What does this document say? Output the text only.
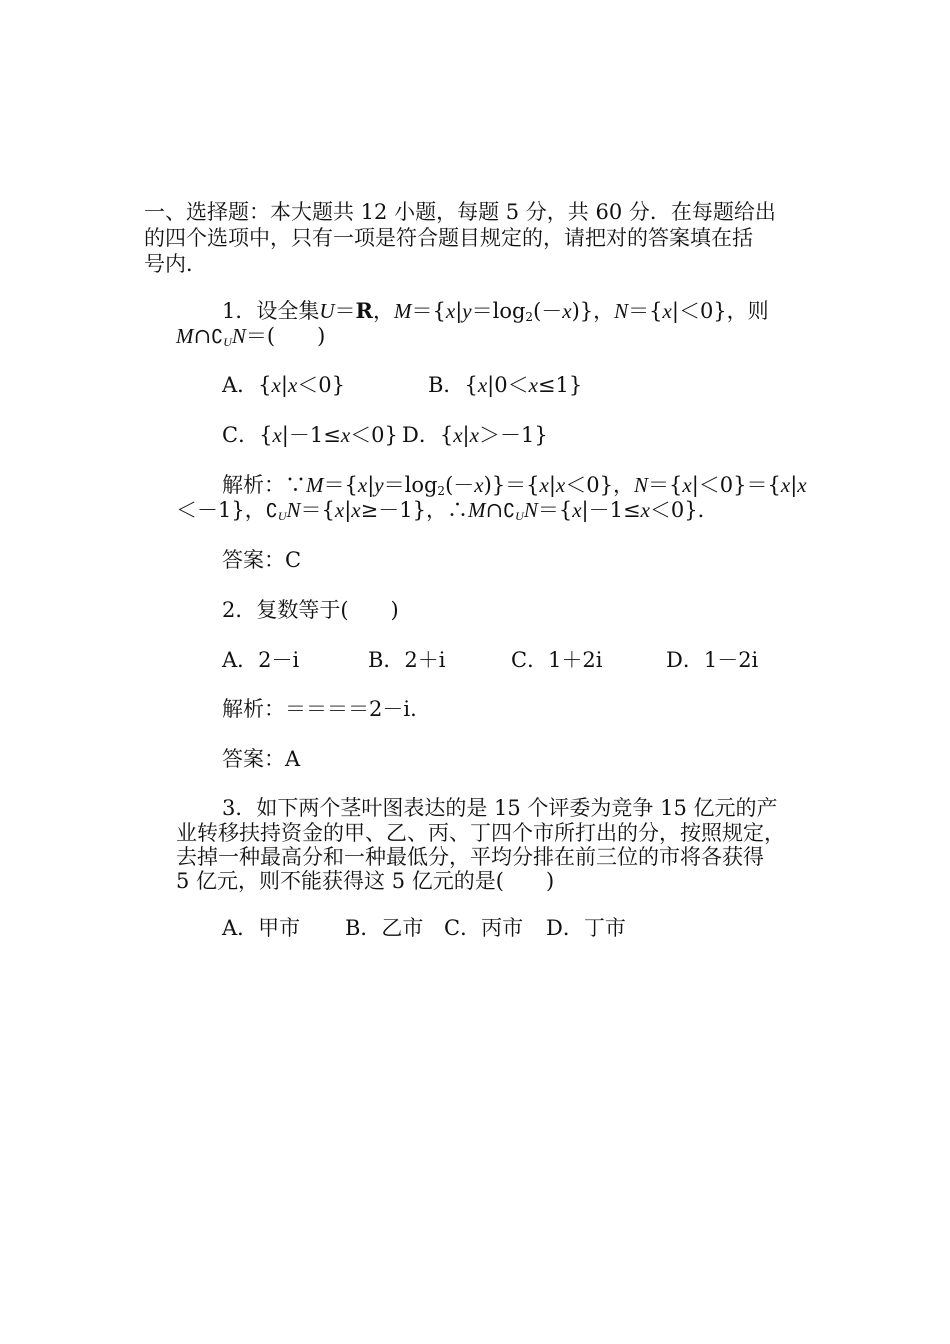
一、选择题：本大题共 12 小题，每题 5 分，共 60 分．在每题给出
的四个选项中，只有一项是符合题目规定的，请把对的答案填在括
号内．
1．设全集U＝R，$M=\{x|y=\log_2(-x)\}$，N＝{x|＜0}，则
$M\cap∁_UN=$(　　)
A．{x|x＜0}	B．{x|0＜x≤1}
C．{x|－1≤x＜0} D．{x|x＞－1}
解析：$\because M=\{x|y=\log_2(-x)\}=\{x|x<0\}$，N＝{x|＜0}＝{x|x
＜－1}，$∁_UN=\{x|x\ge-1\}$，$\therefore M\cap∁_UN=\{x|-1\le x<0\}$．
答案：C
2．复数等于(　　)
A．2－i	B．2＋i	C．1＋2i	D．1－2i
解析：＝＝＝＝2－i.
答案：A
3．如下两个茎叶图表达的是 15 个评委为竞争 15 亿元的产
业转移扶持资金的甲、乙、丙、丁四个市所打出的分，按照规定，
去掉一种最高分和一种最低分，平均分排在前三位的市将各获得
5 亿元，则不能获得这 5 亿元的是(　　)
A．甲市 B．乙市 C．丙市 D．丁市
